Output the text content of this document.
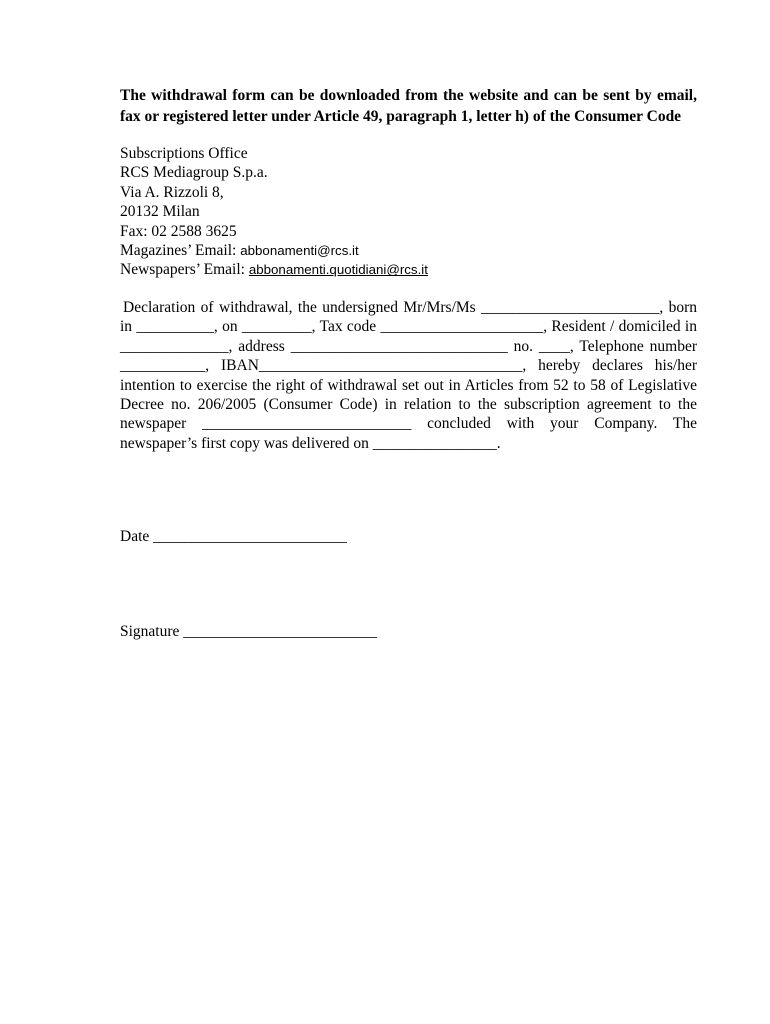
The withdrawal form can be downloaded from the website and can be sent by email, fax or registered letter under Article 49, paragraph 1, letter h) of the Consumer Code
Subscriptions Office
RCS Mediagroup S.p.a.
Via A. Rizzoli 8,
20132 Milan
Fax: 02 2588 3625
Magazines’ Email: abbonamenti@rcs.it
Newspapers’ Email: abbonamenti.quotidiani@rcs.it
Declaration of withdrawal, the undersigned Mr/Mrs/Ms _______________________, born in __________, on _________, Tax code _____________________, Resident / domiciled in ______________, address ____________________________ no. ____, Telephone number ___________, IBAN__________________________________, hereby declares his/her intention to exercise the right of withdrawal set out in Articles from 52 to 58 of Legislative Decree no. 206/2005 (Consumer Code) in relation to the subscription agreement to the newspaper ___________________________ concluded with your Company. The newspaper’s first copy was delivered on ________________.
Date _________________________
Signature _________________________
